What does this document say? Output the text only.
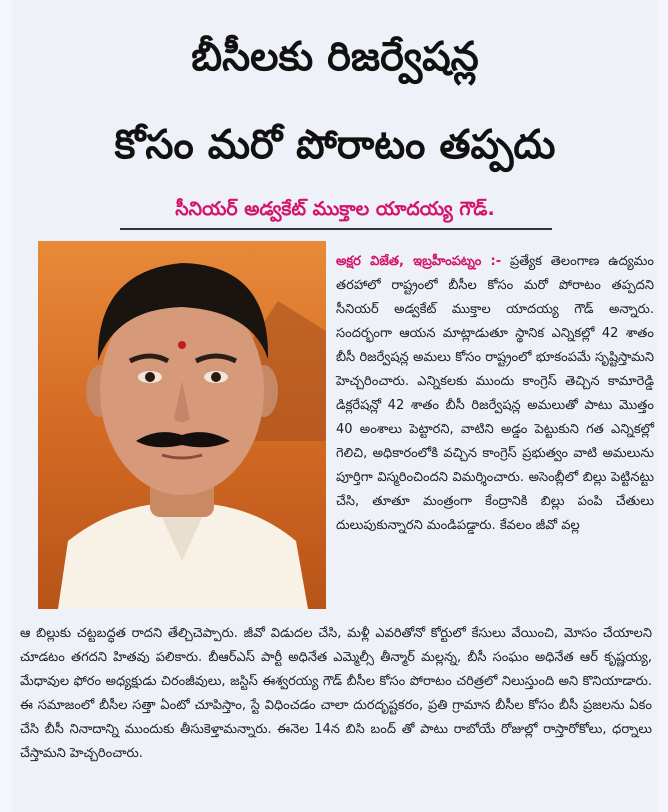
బీసీలకు రిజర్వేషన్ల
కోసం మరో పోరాటం తప్పదు
సీనియర్ అడ్వకేట్ ముక్తాల యాదయ్య గౌడ్.
అక్షర విజేత, ఇబ్రహీంపట్నం :- ప్రత్యేక తెలంగాణ ఉద్యమం తరహాలో రాష్ట్రంలో బీసీల కోసం మరో పోరాటం తప్పదని సీనియర్ అడ్వకేట్ ముక్తాల యాదయ్య గౌడ్ అన్నారు. సందర్భంగా ఆయన మాట్లాడుతూ స్థానిక ఎన్నికల్లో 42 శాతం బీసీ రిజర్వేషన్ల అమలు కోసం రాష్ట్రంలో భూకంపమే సృష్టిస్తామని హెచ్చరించారు. ఎన్నికలకు ముందు కాంగ్రెస్ తెచ్చిన కామారెడ్డి డిక్లరేషన్లో 42 శాతం బీసీ రిజర్వేషన్ల అమలుతో పాటు మొత్తం 40 అంశాలు పెట్టారని, వాటిని అడ్డం పెట్టుకుని గత ఎన్నికల్లో గెలిచి, అధికారంలోకి వచ్చిన కాంగ్రెస్ ప్రభుత్వం వాటి అమలును పూర్తిగా విస్మరించిందని విమర్శించారు. అసెంబ్లీలో బిల్లు పెట్టినట్టు చేసి, తూతూ మంత్రంగా కేంద్రానికి బిల్లు పంపి చేతులు దులుపుకున్నారని మండిపడ్డారు. కేవలం జీవో వల్ల
ఆ బిల్లుకు చట్టబద్ధత రాదని తేల్చిచెప్పారు. జీవో విడుదల చేసి, మళ్లీ ఎవరితోనో కోర్టులో కేసులు వేయించి, మోసం చేయాలని చూడటం తగదని హితవు పలికారు. బీఆర్ఎస్ పార్టీ అధినేత ఎమ్మెల్సీ తీన్మార్ మల్లన్న, బీసీ సంఘం అధినేత ఆర్ కృష్ణయ్య, మేధావుల ఫోరం అధ్యక్షుడు చిరంజీవులు, జస్టిస్ ఈశ్వరయ్య గౌడ్ బీసీల కోసం పోరాటం చరిత్రలో నిలుస్తుంది అని కొనియాడారు. ఈ సమాజంలో బీసీల సత్తా ఏంటో చూపిస్తాం, స్టే విధించడం చాలా దురదృష్టకరం, ప్రతి గ్రామాన బీసీల కోసం బీసీ ప్రజలను ఏకం చేసి బీసీ నినాదాన్ని ముందుకు తీసుకెళ్తామన్నారు. ఈనెల 14న బిసి బంద్ తో పాటు రాబోయే రోజుల్లో రాస్తారోకోలు, ధర్నాలు చేస్తామని హెచ్చరించారు.
